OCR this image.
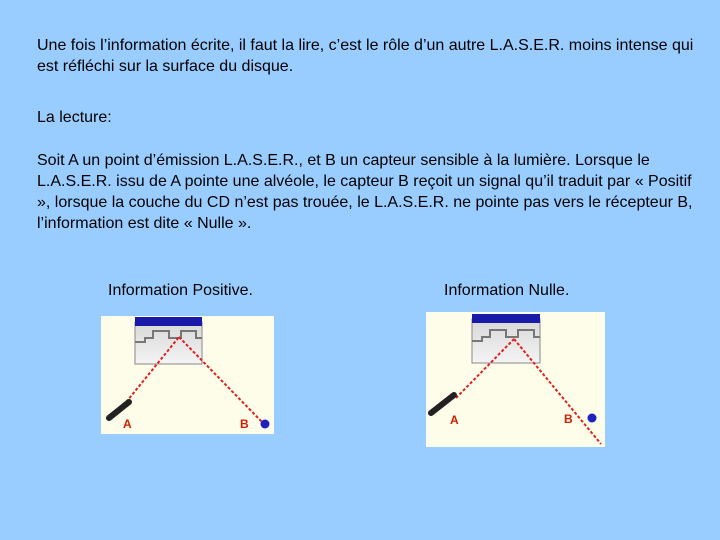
Une fois l’information écrite, il faut la lire, c’est le rôle d’un autre L.A.S.E.R. moins intense qui est réfléchi sur la surface du disque.

La lecture:

Soit A un point d’émission L.A.S.E.R., et B un capteur sensible à la lumière. Lorsque le L.A.S.E.R. issu de A pointe une alvéole, le capteur B reçoit un signal qu’il traduit par « Positif », lorsque la couche du CD n’est pas trouée, le L.A.S.E.R. ne pointe pas vers le récepteur B, l’information est dite « Nulle ».

Information Positive.	Information Nulle.
A	B	A	B
